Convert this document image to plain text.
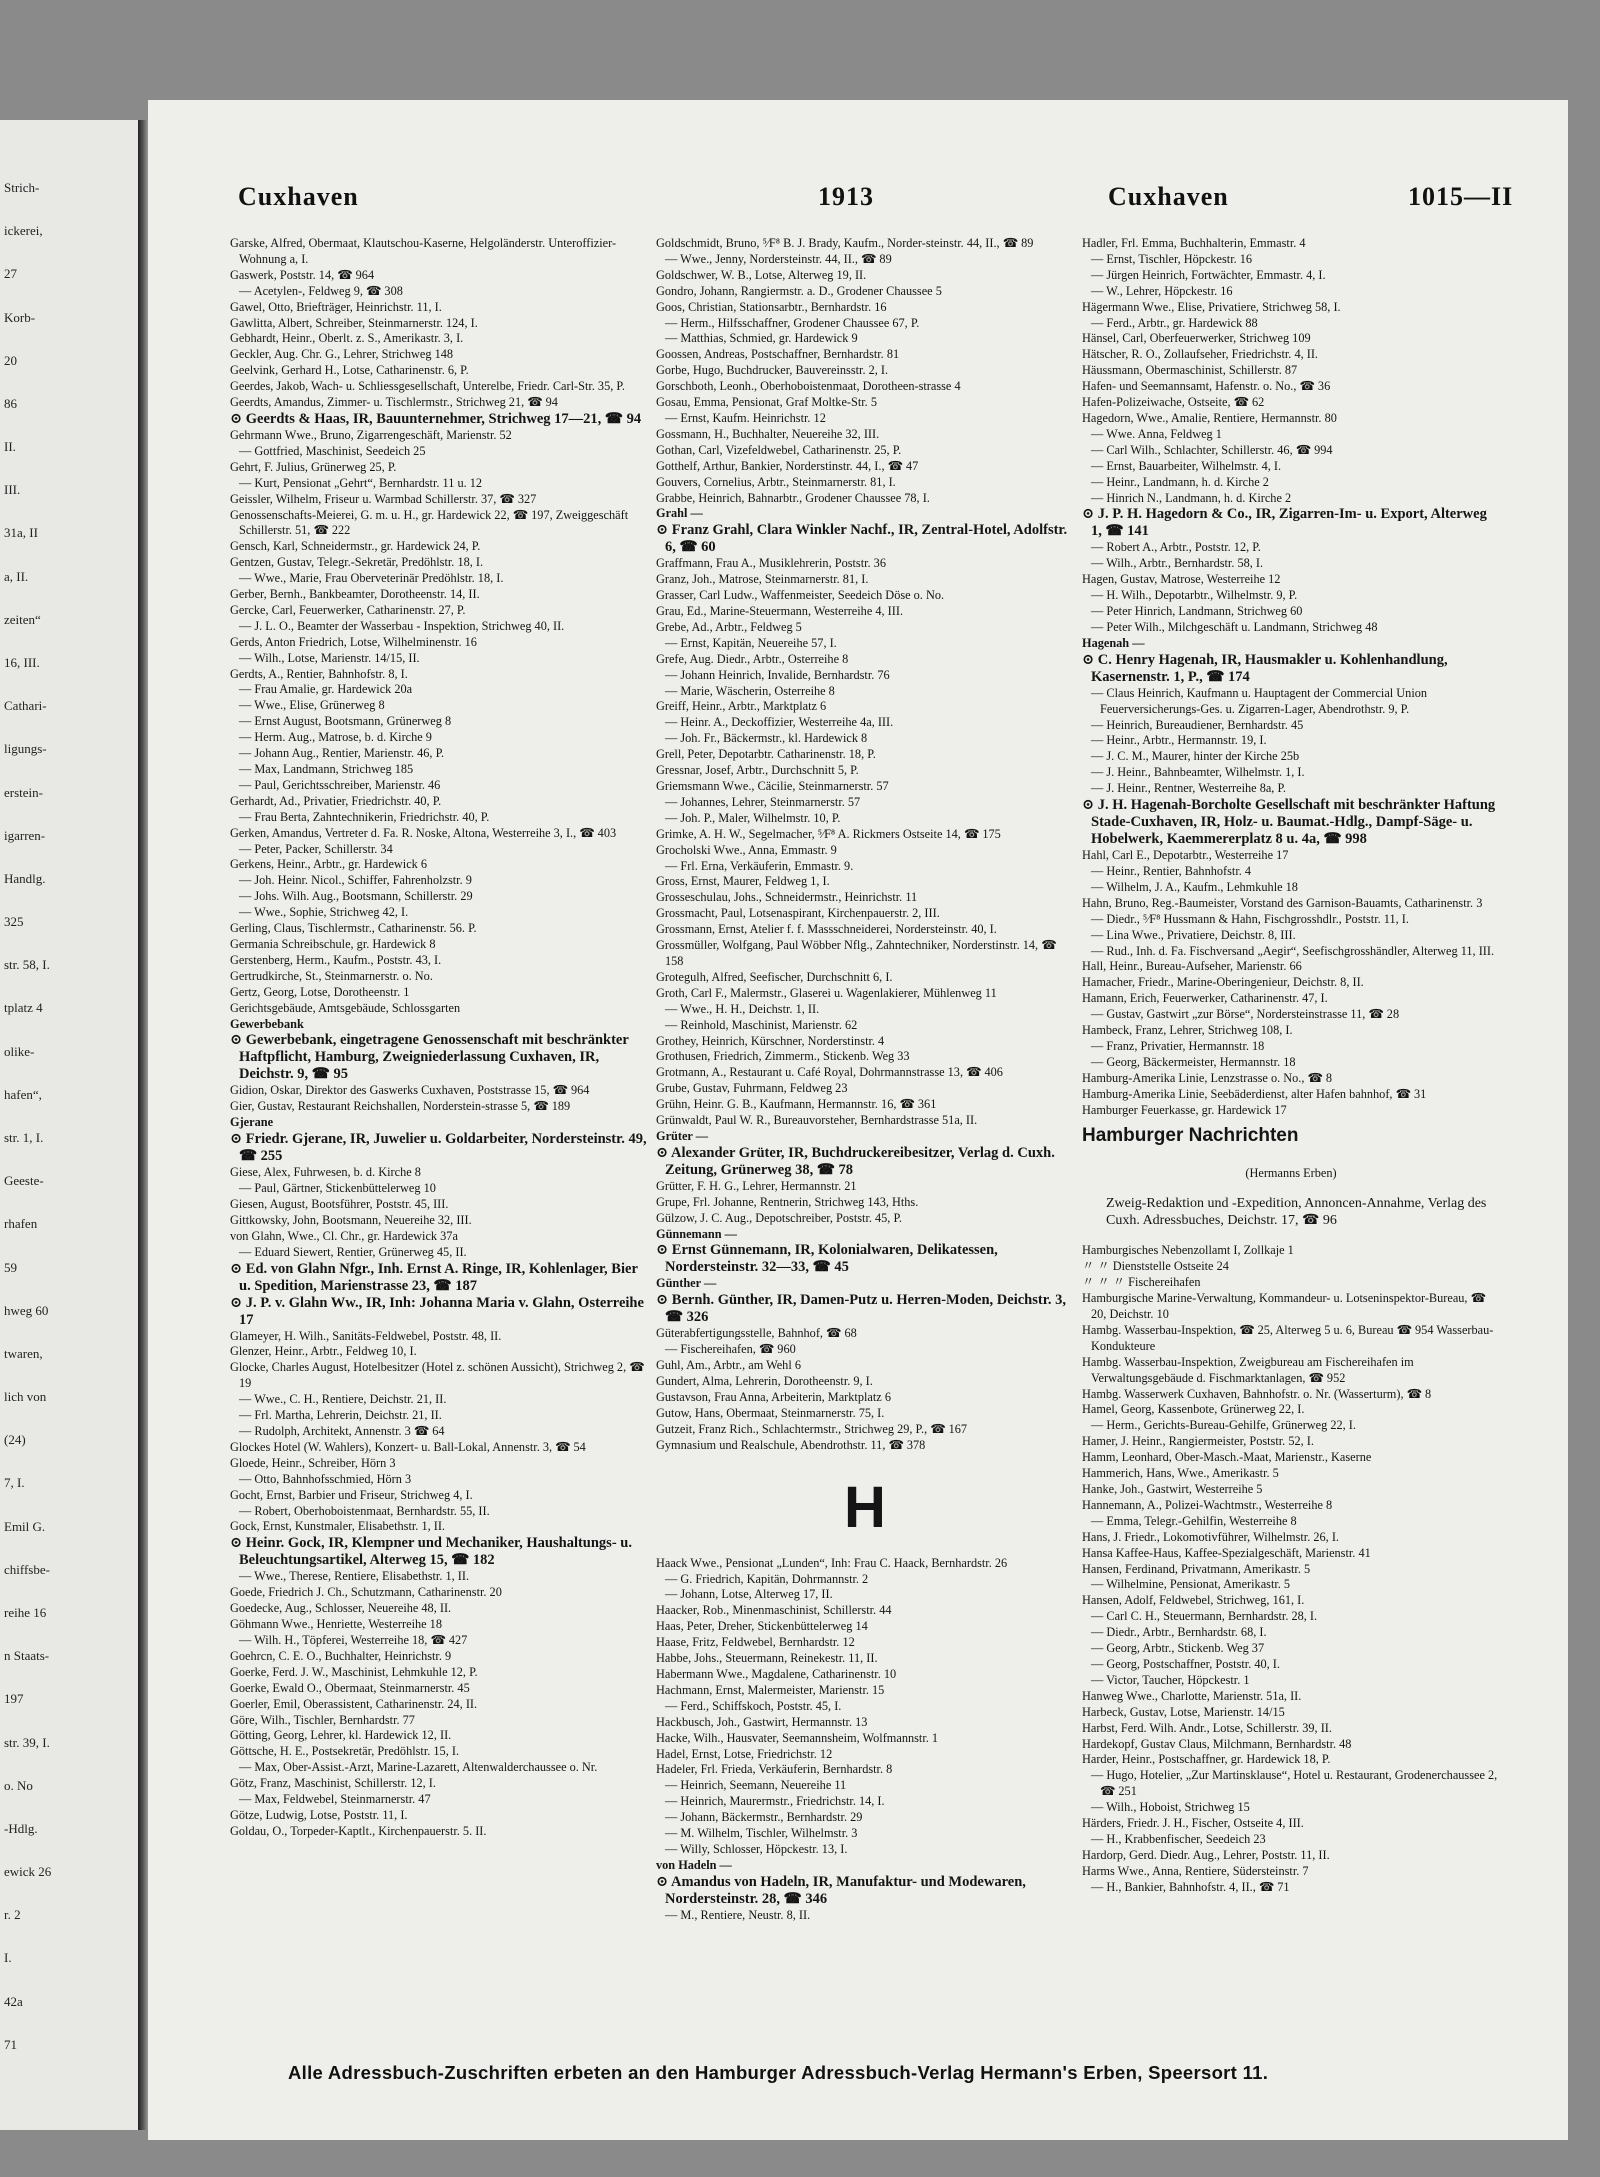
Strich-
ickerei,
27
Korb-
20
86
II.
III.
31a, II
a, II.
zeiten“
16, III.
Cathari-
ligungs-
erstein-
igarren-
Handlg.
325
str. 58, I.
tplatz 4
olike-
hafen“,
str. 1, I.
Geeste-
rhafen
59
hweg 60
twaren,
lich von
(24)
7, I.
Emil G.
chiffsbe-
reihe 16
n Staats-
197
str. 39, I.
o. No
-Hdlg.
ewick 26
r. 2
I.
42a
71
Cuxhaven	1913	Cuxhaven	1015—II

Garske, Alfred, Obermaat, Klautschou-Kaserne, Helgoländerstr. Unteroffizier-Wohnung a, I.

Gaswerk, Poststr. 14, ☎ 964

— Acetylen-, Feldweg 9, ☎ 308

Gawel, Otto, Briefträger, Heinrichstr. 11, I.

Gawlitta, Albert, Schreiber, Steinmarnerstr. 124, I.

Gebhardt, Heinr., Oberlt. z. S., Amerikastr. 3, I.

Geckler, Aug. Chr. G., Lehrer, Strichweg 148

Geelvink, Gerhard H., Lotse, Catharinenstr. 6, P.

Geerdes, Jakob, Wach- u. Schliessgesellschaft, Unterelbe, Friedr. Carl-Str. 35, P.

Geerdts, Amandus, Zimmer- u. Tischlermstr., Strichweg 21, ☎ 94

⊙ Geerdts & Haas, IR, Bauunternehmer, Strichweg 17—21, ☎ 94

Gehrmann Wwe., Bruno, Zigarrengeschäft, Marienstr. 52

— Gottfried, Maschinist, Seedeich 25

Gehrt, F. Julius, Grünerweg 25, P.

— Kurt, Pensionat „Gehrt“, Bernhardstr. 11 u. 12

Geissler, Wilhelm, Friseur u. Warmbad Schillerstr. 37, ☎ 327

Genossenschafts-Meierei, G. m. u. H., gr. Hardewick 22, ☎ 197, Zweiggeschäft Schillerstr. 51, ☎ 222

Gensch, Karl, Schneidermstr., gr. Hardewick 24, P.

Gentzen, Gustav, Telegr.-Sekretär, Predöhlstr. 18, I.

— Wwe., Marie, Frau Oberveterinär Predöhlstr. 18, I.

Gerber, Bernh., Bankbeamter, Dorotheenstr. 14, II.

Gercke, Carl, Feuerwerker, Catharinenstr. 27, P.

— J. L. O., Beamter der Wasserbau - Inspektion, Strichweg 40, II.

Gerds, Anton Friedrich, Lotse, Wilhelminenstr. 16

— Wilh., Lotse, Marienstr. 14/15, II.

Gerdts, A., Rentier, Bahnhofstr. 8, I.

— Frau Amalie, gr. Hardewick 20a

— Wwe., Elise, Grünerweg 8

— Ernst August, Bootsmann, Grünerweg 8

— Herm. Aug., Matrose, b. d. Kirche 9

— Johann Aug., Rentier, Marienstr. 46, P.

— Max, Landmann, Strichweg 185

— Paul, Gerichtsschreiber, Marienstr. 46

Gerhardt, Ad., Privatier, Friedrichstr. 40, P.

— Frau Berta, Zahntechnikerin, Friedrichstr. 40, P.

Gerken, Amandus, Vertreter d. Fa. R. Noske, Altona, Westerreihe 3, I., ☎ 403

— Peter, Packer, Schillerstr. 34

Gerkens, Heinr., Arbtr., gr. Hardewick 6

— Joh. Heinr. Nicol., Schiffer, Fahrenholzstr. 9

— Johs. Wilh. Aug., Bootsmann, Schillerstr. 29

— Wwe., Sophie, Strichweg 42, I.

Gerling, Claus, Tischlermstr., Catharinenstr. 56. P.

Germania Schreibschule, gr. Hardewick 8

Gerstenberg, Herm., Kaufm., Poststr. 43, I.

Gertrudkirche, St., Steinmarnerstr. o. No.

Gertz, Georg, Lotse, Dorotheenstr. 1

Gerichtsgebäude, Amtsgebäude, Schlossgarten

Gewerbebank

⊙ Gewerbebank, eingetragene Genossenschaft mit beschränkter Haftpflicht, Hamburg, Zweigniederlassung Cuxhaven, IR, Deichstr. 9, ☎ 95

Gidion, Oskar, Direktor des Gaswerks Cuxhaven, Poststrasse 15, ☎ 964

Gier, Gustav, Restaurant Reichshallen, Norderstein-strasse 5, ☎ 189

Gjerane

⊙ Friedr. Gjerane, IR, Juwelier u. Goldarbeiter, Nordersteinstr. 49, ☎ 255

Giese, Alex, Fuhrwesen, b. d. Kirche 8

— Paul, Gärtner, Stickenbüttelerweg 10

Giesen, August, Bootsführer, Poststr. 45, III.

Gittkowsky, John, Bootsmann, Neuereihe 32, III.

von Glahn, Wwe., Cl. Chr., gr. Hardewick 37a

— Eduard Siewert, Rentier, Grünerweg 45, II.

⊙ Ed. von Glahn Nfgr., Inh. Ernst A. Ringe, IR, Kohlenlager, Bier u. Spedition, Marienstrasse 23, ☎ 187

⊙ J. P. v. Glahn Ww., IR, Inh: Johanna Maria v. Glahn, Osterreihe 17

Glameyer, H. Wilh., Sanitäts-Feldwebel, Poststr. 48, II.

Glenzer, Heinr., Arbtr., Feldweg 10, I.

Glocke, Charles August, Hotelbesitzer (Hotel z. schönen Aussicht), Strichweg 2, ☎ 19

— Wwe., C. H., Rentiere, Deichstr. 21, II.

— Frl. Martha, Lehrerin, Deichstr. 21, II.

— Rudolph, Architekt, Annenstr. 3 ☎ 64

Glockes Hotel (W. Wahlers), Konzert- u. Ball-Lokal, Annenstr. 3, ☎ 54

Gloede, Heinr., Schreiber, Hörn 3

— Otto, Bahnhofsschmied, Hörn 3

Gocht, Ernst, Barbier und Friseur, Strichweg 4, I.

— Robert, Oberhoboistenmaat, Bernhardstr. 55, II.

Gock, Ernst, Kunstmaler, Elisabethstr. 1, II.

⊙ Heinr. Gock, IR, Klempner und Mechaniker, Haushaltungs- u. Beleuchtungsartikel, Alterweg 15, ☎ 182

— Wwe., Therese, Rentiere, Elisabethstr. 1, II.

Goede, Friedrich J. Ch., Schutzmann, Catharinenstr. 20

Goedecke, Aug., Schlosser, Neuereihe 48, II.

Göhmann Wwe., Henriette, Westerreihe 18

— Wilh. H., Töpferei, Westerreihe 18, ☎ 427

Goehrcn, C. E. O., Buchhalter, Heinrichstr. 9

Goerke, Ferd. J. W., Maschinist, Lehmkuhle 12, P.

Goerke, Ewald O., Obermaat, Steinmarnerstr. 45

Goerler, Emil, Oberassistent, Catharinenstr. 24, II.

Göre, Wilh., Tischler, Bernhardstr. 77

Götting, Georg, Lehrer, kl. Hardewick 12, II.

Göttsche, H. E., Postsekretär, Predöhlstr. 15, I.

— Max, Ober-Assist.-Arzt, Marine-Lazarett, Altenwalderchaussee o. Nr.

Götz, Franz, Maschinist, Schillerstr. 12, I.

— Max, Feldwebel, Steinmarnerstr. 47

Götze, Ludwig, Lotse, Poststr. 11, I.

Goldau, O., Torpeder-Kaptlt., Kirchenpauerstr. 5. II.

Goldschmidt, Bruno, ⁵⁄F⁸ B. J. Brady, Kaufm., Norder-steinstr. 44, II., ☎ 89

— Wwe., Jenny, Nordersteinstr. 44, II., ☎ 89

Goldschwer, W. B., Lotse, Alterweg 19, II.

Gondro, Johann, Rangiermstr. a. D., Grodener Chaussee 5

Goos, Christian, Stationsarbtr., Bernhardstr. 16

— Herm., Hilfsschaffner, Grodener Chaussee 67, P.

— Matthias, Schmied, gr. Hardewick 9

Goossen, Andreas, Postschaffner, Bernhardstr. 81

Gorbe, Hugo, Buchdrucker, Bauvereinsstr. 2, I.

Gorschboth, Leonh., Oberhoboistenmaat, Dorotheen-strasse 4

Gosau, Emma, Pensionat, Graf Moltke-Str. 5

— Ernst, Kaufm. Heinrichstr. 12

Gossmann, H., Buchhalter, Neuereihe 32, III.

Gothan, Carl, Vizefeldwebel, Catharinenstr. 25, P.

Gotthelf, Arthur, Bankier, Norderstinstr. 44, I., ☎ 47

Gouvers, Cornelius, Arbtr., Steinmarnerstr. 81, I.

Grabbe, Heinrich, Bahnarbtr., Grodener Chaussee 78, I.

Grahl —

⊙ Franz Grahl, Clara Winkler Nachf., IR, Zentral-Hotel, Adolfstr. 6, ☎ 60

Graffmann, Frau A., Musiklehrerin, Poststr. 36

Granz, Joh., Matrose, Steinmarnerstr. 81, I.

Grasser, Carl Ludw., Waffenmeister, Seedeich Döse o. No.

Grau, Ed., Marine-Steuermann, Westerreihe 4, III.

Grebe, Ad., Arbtr., Feldweg 5

— Ernst, Kapitän, Neuereihe 57, I.

Grefe, Aug. Diedr., Arbtr., Osterreihe 8

— Johann Heinrich, Invalide, Bernhardstr. 76

— Marie, Wäscherin, Osterreihe 8

Greiff, Heinr., Arbtr., Marktplatz 6

— Heinr. A., Deckoffizier, Westerreihe 4a, III.

— Joh. Fr., Bäckermstr., kl. Hardewick 8

Grell, Peter, Depotarbtr. Catharinenstr. 18, P.

Gressnar, Josef, Arbtr., Durchschnitt 5, P.

Griemsmann Wwe., Cäcilie, Steinmarnerstr. 57

— Johannes, Lehrer, Steinmarnerstr. 57

— Joh. P., Maler, Wilhelmstr. 10, P.

Grimke, A. H. W., Segelmacher, ⁵⁄F⁸ A. Rickmers Ostseite 14, ☎ 175

Grocholski Wwe., Anna, Emmastr. 9

— Frl. Erna, Verkäuferin, Emmastr. 9.

Gross, Ernst, Maurer, Feldweg 1, I.

Grosseschulau, Johs., Schneidermstr., Heinrichstr. 11

Grossmacht, Paul, Lotsenaspirant, Kirchenpauerstr. 2, III.

Grossmann, Ernst, Atelier f. f. Massschneiderei, Nordersteinstr. 40, I.

Grossmüller, Wolfgang, Paul Wöbber Nflg., Zahntechniker, Norderstinstr. 14, ☎ 158

Grotegulh, Alfred, Seefischer, Durchschnitt 6, I.

Groth, Carl F., Malermstr., Glaserei u. Wagenlakierer, Mühlenweg 11

— Wwe., H. H., Deichstr. 1, II.

— Reinhold, Maschinist, Marienstr. 62

Grothey, Heinrich, Kürschner, Norderstinstr. 4

Grothusen, Friedrich, Zimmerm., Stickenb. Weg 33

Grotmann, A., Restaurant u. Café Royal, Dohrmannstrasse 13, ☎ 406

Grube, Gustav, Fuhrmann, Feldweg 23

Grühn, Heinr. G. B., Kaufmann, Hermannstr. 16, ☎ 361

Grünwaldt, Paul W. R., Bureauvorsteher, Bernhardstrasse 51a, II.

Grüter —

⊙ Alexander Grüter, IR, Buchdruckereibesitzer, Verlag d. Cuxh. Zeitung, Grünerweg 38, ☎ 78

Grütter, F. H. G., Lehrer, Hermannstr. 21

Grupe, Frl. Johanne, Rentnerin, Strichweg 143, Hths.

Gülzow, J. C. Aug., Depotschreiber, Poststr. 45, P.

Günnemann —

⊙ Ernst Günnemann, IR, Kolonialwaren, Delikatessen, Nordersteinstr. 32—33, ☎ 45

Günther —

⊙ Bernh. Günther, IR, Damen-Putz u. Herren-Moden, Deichstr. 3, ☎ 326

Güterabfertigungsstelle, Bahnhof, ☎ 68

— Fischereihafen, ☎ 960

Guhl, Am., Arbtr., am Wehl 6

Gundert, Alma, Lehrerin, Dorotheenstr. 9, I.

Gustavson, Frau Anna, Arbeiterin, Marktplatz 6

Gutow, Hans, Obermaat, Steinmarnerstr. 75, I.

Gutzeit, Franz Rich., Schlachtermstr., Strichweg 29, P., ☎ 167

Gymnasium und Realschule, Abendrothstr. 11, ☎ 378

H

Haack Wwe., Pensionat „Lunden“, Inh: Frau C. Haack, Bernhardstr. 26

— G. Friedrich, Kapitän, Dohrmannstr. 2

— Johann, Lotse, Alterweg 17, II.

Haacker, Rob., Minenmaschinist, Schillerstr. 44

Haas, Peter, Dreher, Stickenbüttelerweg 14

Haase, Fritz, Feldwebel, Bernhardstr. 12

Habbe, Johs., Steuermann, Reinekestr. 11, II.

Habermann Wwe., Magdalene, Catharinenstr. 10

Hachmann, Ernst, Malermeister, Marienstr. 15

— Ferd., Schiffskoch, Poststr. 45, I.

Hackbusch, Joh., Gastwirt, Hermannstr. 13

Hacke, Wilh., Hausvater, Seemannsheim, Wolfmannstr. 1

Hadel, Ernst, Lotse, Friedrichstr. 12

Hadeler, Frl. Frieda, Verkäuferin, Bernhardstr. 8

— Heinrich, Seemann, Neuereihe 11

— Heinrich, Maurermstr., Friedrichstr. 14, I.

— Johann, Bäckermstr., Bernhardstr. 29

— M. Wilhelm, Tischler, Wilhelmstr. 3

— Willy, Schlosser, Höpckestr. 13, I.

von Hadeln —

⊙ Amandus von Hadeln, IR, Manufaktur- und Modewaren, Nordersteinstr. 28, ☎ 346

— M., Rentiere, Neustr. 8, II.

Hadler, Frl. Emma, Buchhalterin, Emmastr. 4

— Ernst, Tischler, Höpckestr. 16

— Jürgen Heinrich, Fortwächter, Emmastr. 4, I.

— W., Lehrer, Höpckestr. 16

Hägermann Wwe., Elise, Privatiere, Strichweg 58, I.

— Ferd., Arbtr., gr. Hardewick 88

Hänsel, Carl, Oberfeuerwerker, Strichweg 109

Hätscher, R. O., Zollaufseher, Friedrichstr. 4, II.

Häussmann, Obermaschinist, Schillerstr. 87

Hafen- und Seemannsamt, Hafenstr. o. No., ☎ 36

Hafen-Polizeiwache, Ostseite, ☎ 62

Hagedorn, Wwe., Amalie, Rentiere, Hermannstr. 80

— Wwe. Anna, Feldweg 1

— Carl Wilh., Schlachter, Schillerstr. 46, ☎ 994

— Ernst, Bauarbeiter, Wilhelmstr. 4, I.

— Heinr., Landmann, h. d. Kirche 2

— Hinrich N., Landmann, h. d. Kirche 2

⊙ J. P. H. Hagedorn & Co., IR, Zigarren-Im- u. Export, Alterweg 1, ☎ 141

— Robert A., Arbtr., Poststr. 12, P.

— Wilh., Arbtr., Bernhardstr. 58, I.

Hagen, Gustav, Matrose, Westerreihe 12

— H. Wilh., Depotarbtr., Wilhelmstr. 9, P.

— Peter Hinrich, Landmann, Strichweg 60

— Peter Wilh., Milchgeschäft u. Landmann, Strichweg 48

Hagenah —

⊙ C. Henry Hagenah, IR, Hausmakler u. Kohlenhandlung, Kasernenstr. 1, P., ☎ 174

— Claus Heinrich, Kaufmann u. Hauptagent der Commercial Union Feuerversicherungs-Ges. u. Zigarren-Lager, Abendrothstr. 9, P.

— Heinrich, Bureaudiener, Bernhardstr. 45

— Heinr., Arbtr., Hermannstr. 19, I.

— J. C. M., Maurer, hinter der Kirche 25b

— J. Heinr., Bahnbeamter, Wilhelmstr. 1, I.

— J. Heinr., Rentner, Westerreihe 8a, P.

⊙ J. H. Hagenah-Borcholte Gesellschaft mit beschränkter Haftung Stade-Cuxhaven, IR, Holz- u. Baumat.-Hdlg., Dampf-Säge- u. Hobelwerk, Kaemmererplatz 8 u. 4a, ☎ 998

Hahl, Carl E., Depotarbtr., Westerreihe 17

— Heinr., Rentier, Bahnhofstr. 4

— Wilhelm, J. A., Kaufm., Lehmkuhle 18

Hahn, Bruno, Reg.-Baumeister, Vorstand des Garnison-Bauamts, Catharinenstr. 3

— Diedr., ⁵⁄F⁸ Hussmann & Hahn, Fischgrosshdlr., Poststr. 11, I.

— Lina Wwe., Privatiere, Deichstr. 8, III.

— Rud., Inh. d. Fa. Fischversand „Aegir“, Seefischgrosshändler, Alterweg 11, III.

Hall, Heinr., Bureau-Aufseher, Marienstr. 66

Hamacher, Friedr., Marine-Oberingenieur, Deichstr. 8, II.

Hamann, Erich, Feuerwerker, Catharinenstr. 47, I.

— Gustav, Gastwirt „zur Börse“, Nordersteinstrasse 11, ☎ 28

Hambeck, Franz, Lehrer, Strichweg 108, I.

— Franz, Privatier, Hermannstr. 18

— Georg, Bäckermeister, Hermannstr. 18

Hamburg-Amerika Linie, Lenzstrasse o. No., ☎ 8

Hamburg-Amerika Linie, Seebäderdienst, alter Hafen bahnhof, ☎ 31

Hamburger Feuerkasse, gr. Hardewick 17

Hamburger Nachrichten

(Hermanns Erben)

Zweig-Redaktion und -Expedition, Annoncen-Annahme, Verlag des Cuxh. Adressbuches, Deichstr. 17, ☎ 96

Hamburgisches Nebenzollamt I, Zollkaje 1

〃 〃 Dienststelle Ostseite 24

〃 〃 〃 Fischereihafen

Hamburgische Marine-Verwaltung, Kommandeur- u. Lotseninspektor-Bureau, ☎ 20, Deichstr. 10

Hambg. Wasserbau-Inspektion, ☎ 25, Alterweg 5 u. 6, Bureau ☎ 954 Wasserbau-Kondukteure

Hambg. Wasserbau-Inspektion, Zweigbureau am Fischereihafen im Verwaltungsgebäude d. Fischmarktanlagen, ☎ 952

Hambg. Wasserwerk Cuxhaven, Bahnhofstr. o. Nr. (Wasserturm), ☎ 8

Hamel, Georg, Kassenbote, Grünerweg 22, I.

— Herm., Gerichts-Bureau-Gehilfe, Grünerweg 22, I.

Hamer, J. Heinr., Rangiermeister, Poststr. 52, I.

Hamm, Leonhard, Ober-Masch.-Maat, Marienstr., Kaserne

Hammerich, Hans, Wwe., Amerikastr. 5

Hanke, Joh., Gastwirt, Westerreihe 5

Hannemann, A., Polizei-Wachtmstr., Westerreihe 8

— Emma, Telegr.-Gehilfin, Westerreihe 8

Hans, J. Friedr., Lokomotivführer, Wilhelmstr. 26, I.

Hansa Kaffee-Haus, Kaffee-Spezialgeschäft, Marienstr. 41

Hansen, Ferdinand, Privatmann, Amerikastr. 5

— Wilhelmine, Pensionat, Amerikastr. 5

Hansen, Adolf, Feldwebel, Strichweg, 161, I.

— Carl C. H., Steuermann, Bernhardstr. 28, I.

— Diedr., Arbtr., Bernhardstr. 68, I.

— Georg, Arbtr., Stickenb. Weg 37

— Georg, Postschaffner, Poststr. 40, I.

— Victor, Taucher, Höpckestr. 1

Hanweg Wwe., Charlotte, Marienstr. 51a, II.

Harbeck, Gustav, Lotse, Marienstr. 14/15

Harbst, Ferd. Wilh. Andr., Lotse, Schillerstr. 39, II.

Hardekopf, Gustav Claus, Milchmann, Bernhardstr. 48

Harder, Heinr., Postschaffner, gr. Hardewick 18, P.

— Hugo, Hotelier, „Zur Martinsklause“, Hotel u. Restaurant, Grodenerchaussee 2, ☎ 251

— Wilh., Hoboist, Strichweg 15

Härders, Friedr. J. H., Fischer, Ostseite 4, III.

— H., Krabbenfischer, Seedeich 23

Hardorp, Gerd. Diedr. Aug., Lehrer, Poststr. 11, II.

Harms Wwe., Anna, Rentiere, Südersteinstr. 7

— H., Bankier, Bahnhofstr. 4, II., ☎ 71

Alle Adressbuch-Zuschriften erbeten an den Hamburger Adressbuch-Verlag Hermann's Erben, Speersort 11.
